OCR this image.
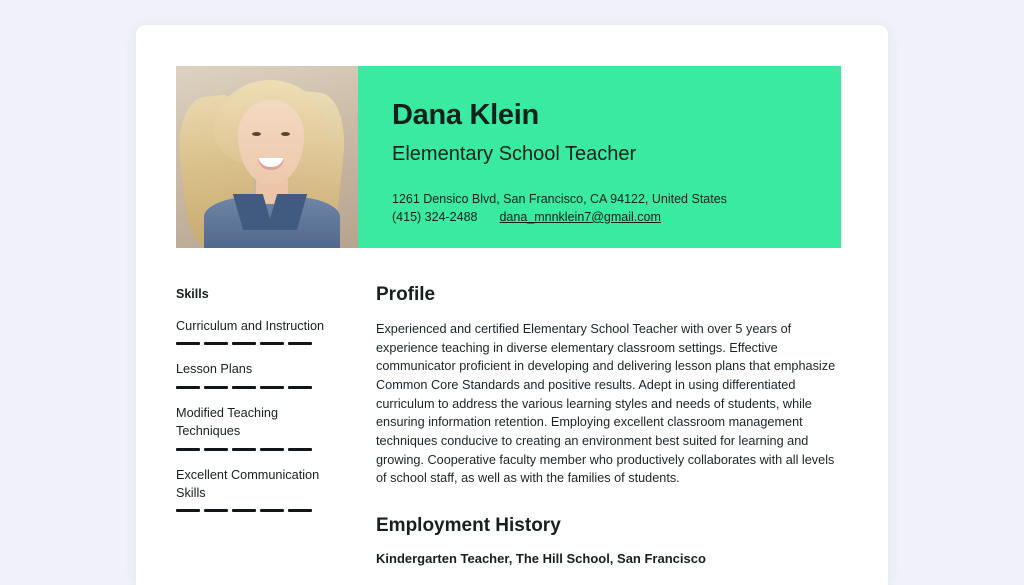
Dana Klein
Elementary School Teacher
1261 Densico Blvd, San Francisco, CA 94122, United States
(415) 324-2488 dana_mnnklein7@gmail.com
Skills
Curriculum and Instruction
Lesson Plans
Modified Teaching Techniques
Excellent Communication Skills
Profile

Experienced and certified Elementary School Teacher with over 5 years of experience teaching in diverse elementary classroom settings. Effective communicator proficient in developing and delivering lesson plans that emphasize Common Core Standards and positive results. Adept in using differentiated curriculum to address the various learning styles and needs of students, while ensuring information retention. Employing excellent classroom management techniques conducive to creating an environment best suited for learning and growing. Cooperative faculty member who productively collaborates with all levels of school staff, as well as with the families of students.

Employment History
Kindergarten Teacher, The Hill School, San Francisco
